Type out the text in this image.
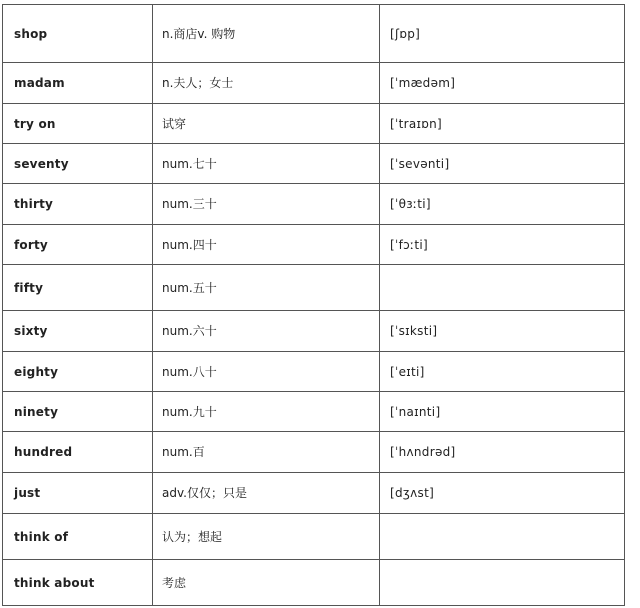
shop	n.商店v. 购物	[ʃɒp]
madam	n.夫人；女士	[ˈmædəm]
try on	试穿	[ˈtraɪɒn]
seventy	num.七十	[ˈsevənti]
thirty	num.三十	[ˈθɜːti]
forty	num.四十	[ˈfɔːti]
fifty	num.五十	
sixty	num.六十	[ˈsɪksti]
eighty	num.八十	[ˈeɪti]
ninety	num.九十	[ˈnaɪnti]
hundred	num.百	[ˈhʌndrəd]
just	adv.仅仅；只是	[dʒʌst]
think of	认为；想起	
think about	考虑	
